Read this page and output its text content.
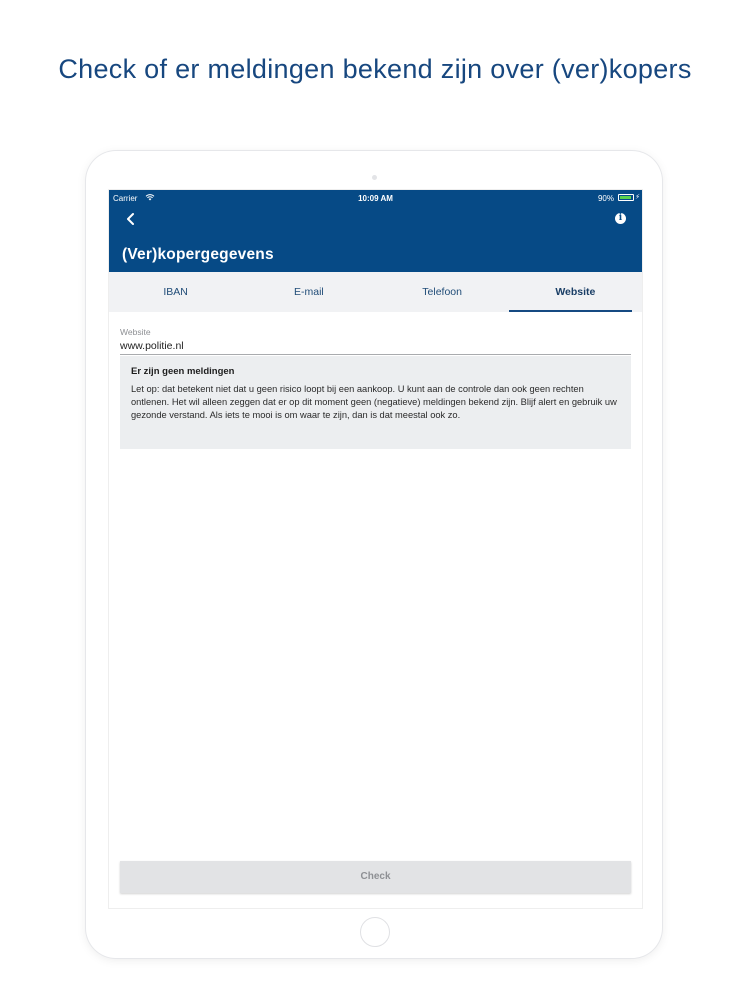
Check of er meldingen bekend zijn over (ver)kopers
Carrier	10:09 AM	90%	⚡
i
(Ver)kopergegevens
IBAN	E-mail	Telefoon	Website
Website
www.politie.nl
Er zijn geen meldingen
Let op: dat betekent niet dat u geen risico loopt bij een aankoop. U kunt aan de controle dan ook geen rechten ontlenen. Het wil alleen zeggen dat er op dit moment geen (negatieve) meldingen bekend zijn. Blijf alert en gebruik uw gezonde verstand. Als iets te mooi is om waar te zijn, dan is dat meestal ook zo.
Check
